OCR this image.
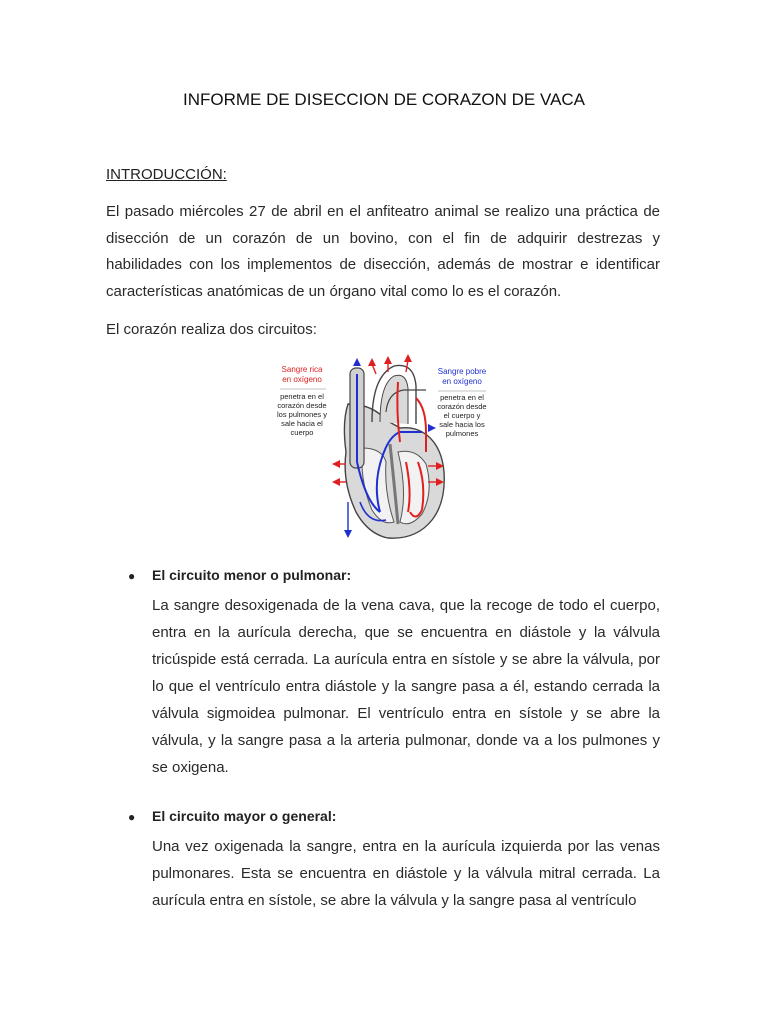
INFORME DE DISECCION DE CORAZON DE VACA
INTRODUCCIÓN:
El pasado miércoles 27 de abril en el anfiteatro animal se realizo una práctica de disección de un corazón de un bovino, con el fin de adquirir destrezas y habilidades con los implementos de disección, además de mostrar e identificar características anatómicas de un órgano vital como lo es el corazón.
El corazón realiza dos circuitos:
Sangre rica
en oxígeno
penetra en el
corazón desde
los pulmones y
sale hacia el
cuerpo
Sangre pobre
en oxígeno
penetra en el
corazón desde
el cuerpo y
sale hacia los
pulmones
●	El circuito menor o pulmonar:
La sangre desoxigenada de la vena cava, que la recoge de todo el cuerpo, entra en la aurícula derecha, que se encuentra en diástole y la válvula tricúspide está cerrada. La aurícula entra en sístole y se abre la válvula, por lo que el ventrículo entra diástole y la sangre pasa a él, estando cerrada la válvula sigmoidea pulmonar. El ventrículo entra en sístole y se abre la válvula, y la sangre pasa a la arteria pulmonar, donde va a los pulmones y se oxigena.
●	El circuito mayor o general:
Una vez oxigenada la sangre, entra en la aurícula izquierda por las venas pulmonares. Esta se encuentra en diástole y la válvula mitral cerrada. La aurícula entra en sístole, se abre la válvula y la sangre pasa al ventrículo
